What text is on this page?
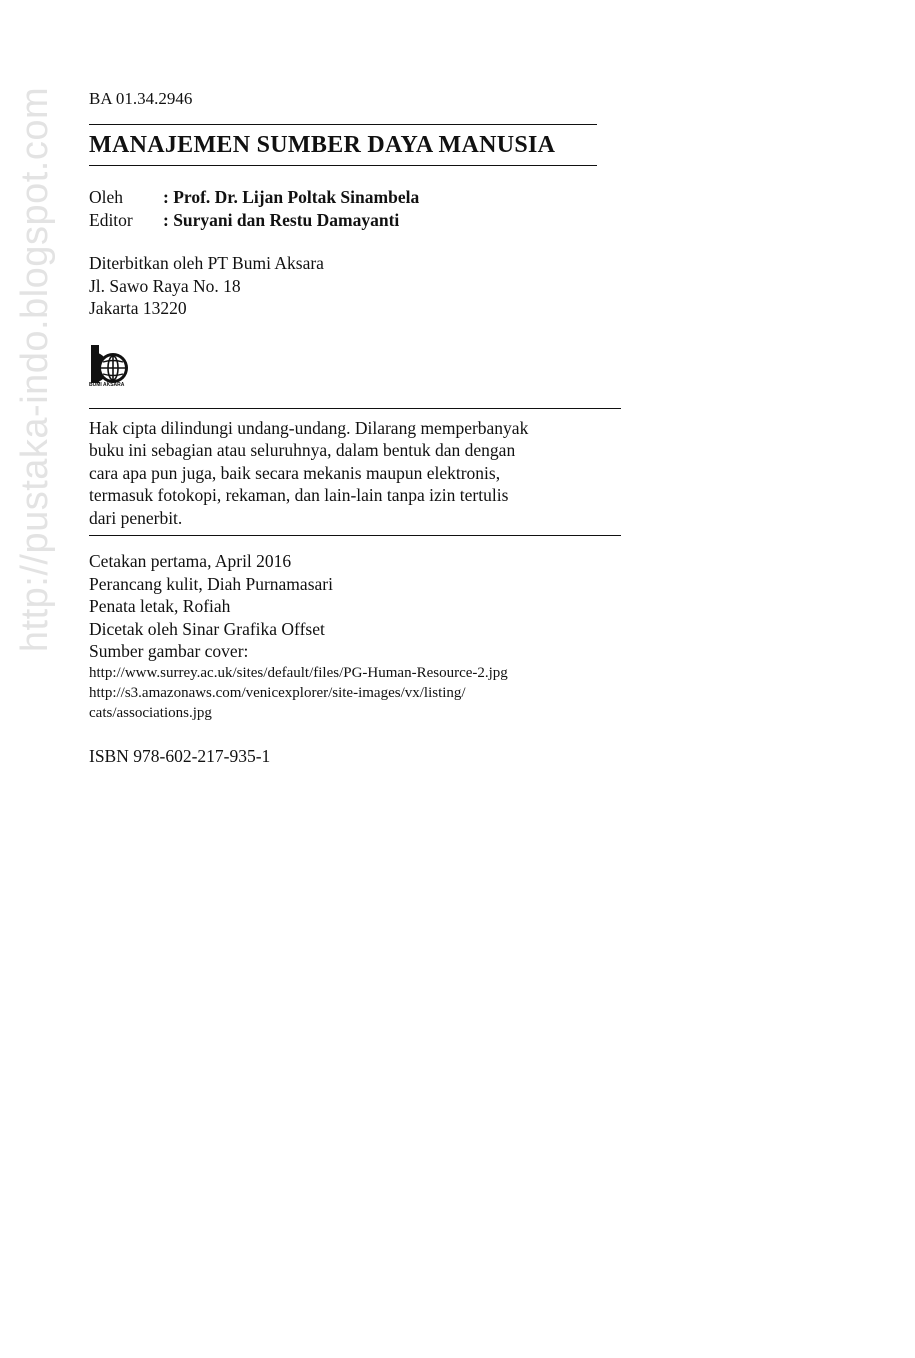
http://pustaka-indo.blogspot.com BA 01.34.2946
MANAJEMEN SUMBER DAYA MANUSIA
Oleh	: Prof. Dr. Lijan Poltak Sinambela
Editor	: Suryani dan Restu Damayanti
Diterbitkan oleh PT Bumi Aksara
Jl. Sawo Raya No. 18
Jakarta 13220
BUMI AKSARA
Hak cipta dilindungi undang-undang. Dilarang memperbanyak
buku ini sebagian atau seluruhnya, dalam bentuk dan dengan
cara apa pun juga, baik secara mekanis maupun elektronis,
termasuk fotokopi, rekaman, dan lain-lain tanpa izin tertulis
dari penerbit.
Cetakan pertama, April 2016
Perancang kulit, Diah Purnamasari
Penata letak, Rofiah
Dicetak oleh Sinar Grafika Offset
Sumber gambar cover:
http://www.surrey.ac.uk/sites/default/files/PG-Human-Resource-2.jpg
http://s3.amazonaws.com/venicexplorer/site-images/vx/listing/
cats/associations.jpg
ISBN 978-602-217-935-1
